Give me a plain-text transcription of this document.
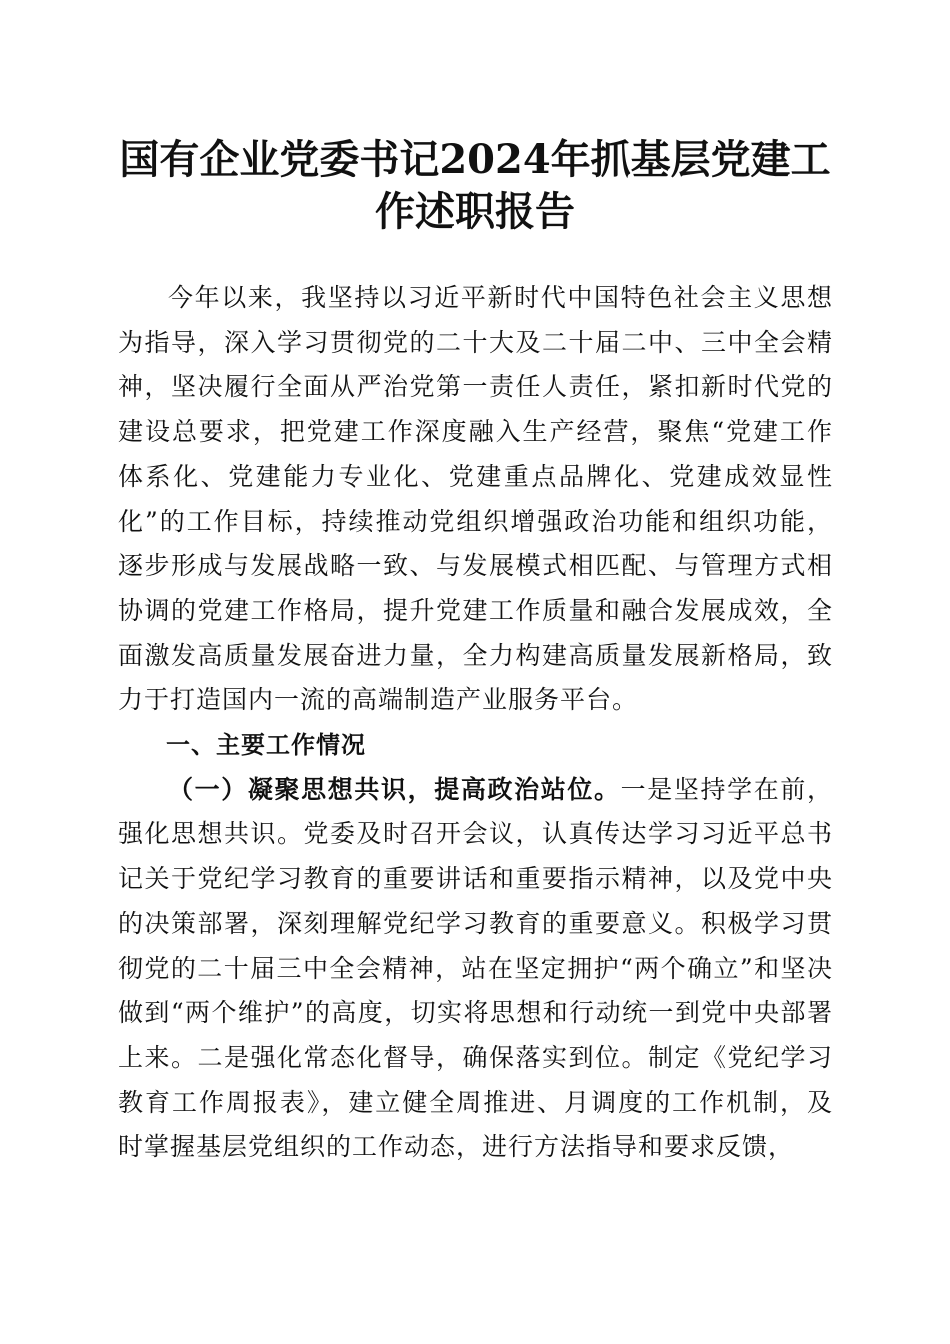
国有企业党委书记2024年抓基层党建工作述职报告

今年以来，我坚持以习近平新时代中国特色社会主义思想为指导，深入学习贯彻党的二十大及二十届二中、三中全会精神，坚决履行全面从严治党第一责任人责任，紧扣新时代党的建设总要求，把党建工作深度融入生产经营，聚焦“党建工作体系化、党建能力专业化、党建重点品牌化、党建成效显性化”的工作目标，持续推动党组织增强政治功能和组织功能，逐步形成与发展战略一致、与发展模式相匹配、与管理方式相协调的党建工作格局，提升党建工作质量和融合发展成效，全面激发高质量发展奋进力量，全力构建高质量发展新格局，致力于打造国内一流的高端制造产业服务平台。

一、主要工作情况

（一）凝聚思想共识，提高政治站位。一是坚持学在前，强化思想共识。党委及时召开会议，认真传达学习习近平总书记关于党纪学习教育的重要讲话和重要指示精神，以及党中央的决策部署，深刻理解党纪学习教育的重要意义。积极学习贯彻党的二十届三中全会精神，站在坚定拥护“两个确立”和坚决做到“两个维护”的高度，切实将思想和行动统一到党中央部署上来。二是强化常态化督导，确保落实到位。制定《党纪学习教育工作周报表》，建立健全周推进、月调度的工作机制，及时掌握基层党组织的工作动态，进行方法指导和要求反馈，
